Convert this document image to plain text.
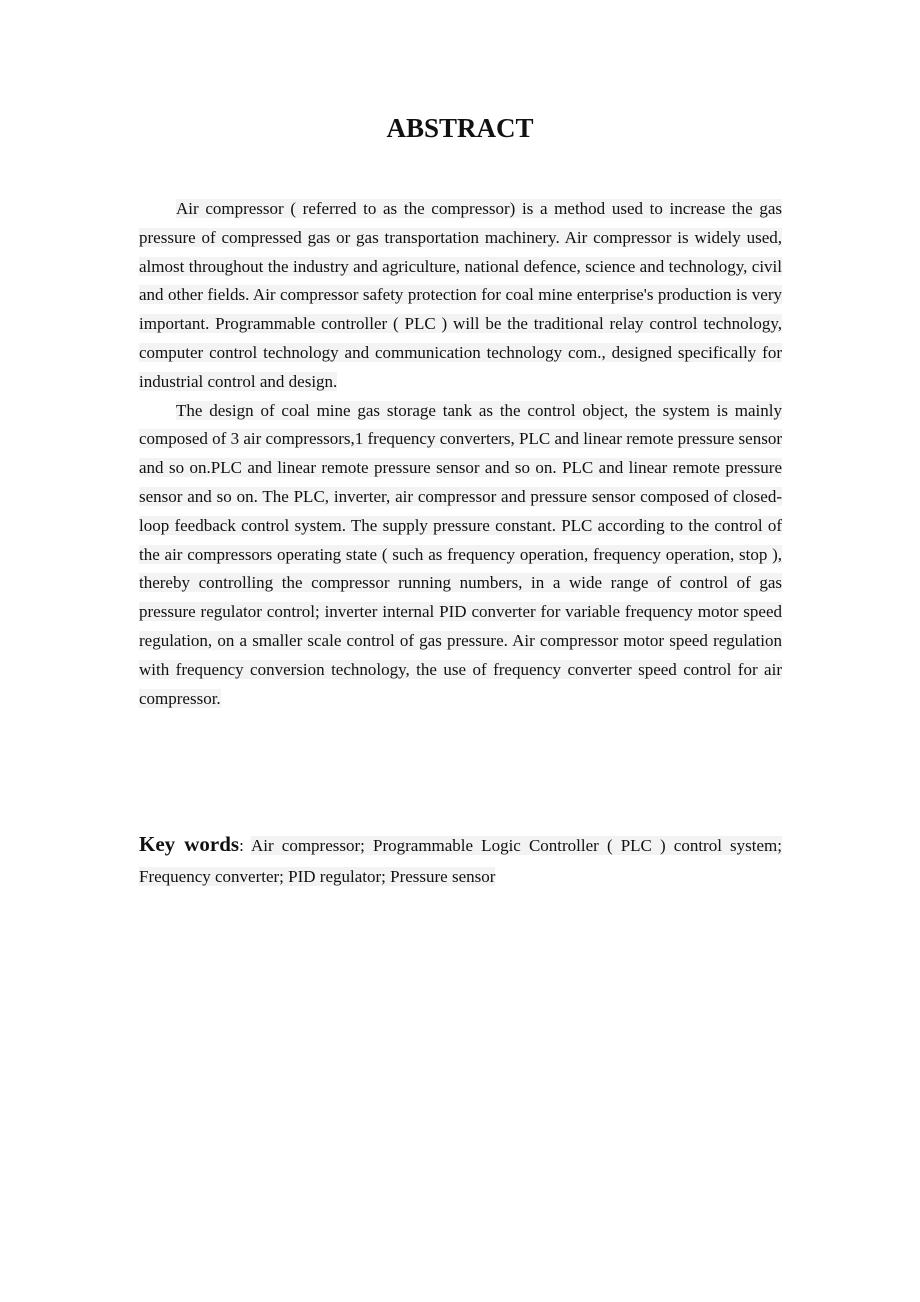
ABSTRACT

Air compressor ( referred to as the compressor) is a method used to increase the gas pressure of compressed gas or gas transportation machinery. Air compressor is widely used, almost throughout the industry and agriculture, national defence, science and technology, civil and other fields. Air compressor safety protection for coal mine enterprise's production is very important. Programmable controller ( PLC ) will be the traditional relay control technology, computer control technology and communication technology com., designed specifically for industrial control and design.

The design of coal mine gas storage tank as the control object, the system is mainly composed of 3 air compressors,1 frequency converters, PLC and linear remote pressure sensor and so on.PLC and linear remote pressure sensor and so on. PLC and linear remote pressure sensor and so on. The PLC, inverter, air compressor and pressure sensor composed of closed-loop feedback control system. The supply pressure constant. PLC according to the control of the air compressors operating state ( such as frequency operation, frequency operation, stop ), thereby controlling the compressor running numbers, in a wide range of control of gas pressure regulator control; inverter internal PID converter for variable frequency motor speed regulation, on a smaller scale control of gas pressure. Air compressor motor speed regulation with frequency conversion technology, the use of frequency converter speed control for air compressor.

Key words: Air compressor; Programmable Logic Controller ( PLC ) control system; Frequency converter; PID regulator; Pressure sensor
